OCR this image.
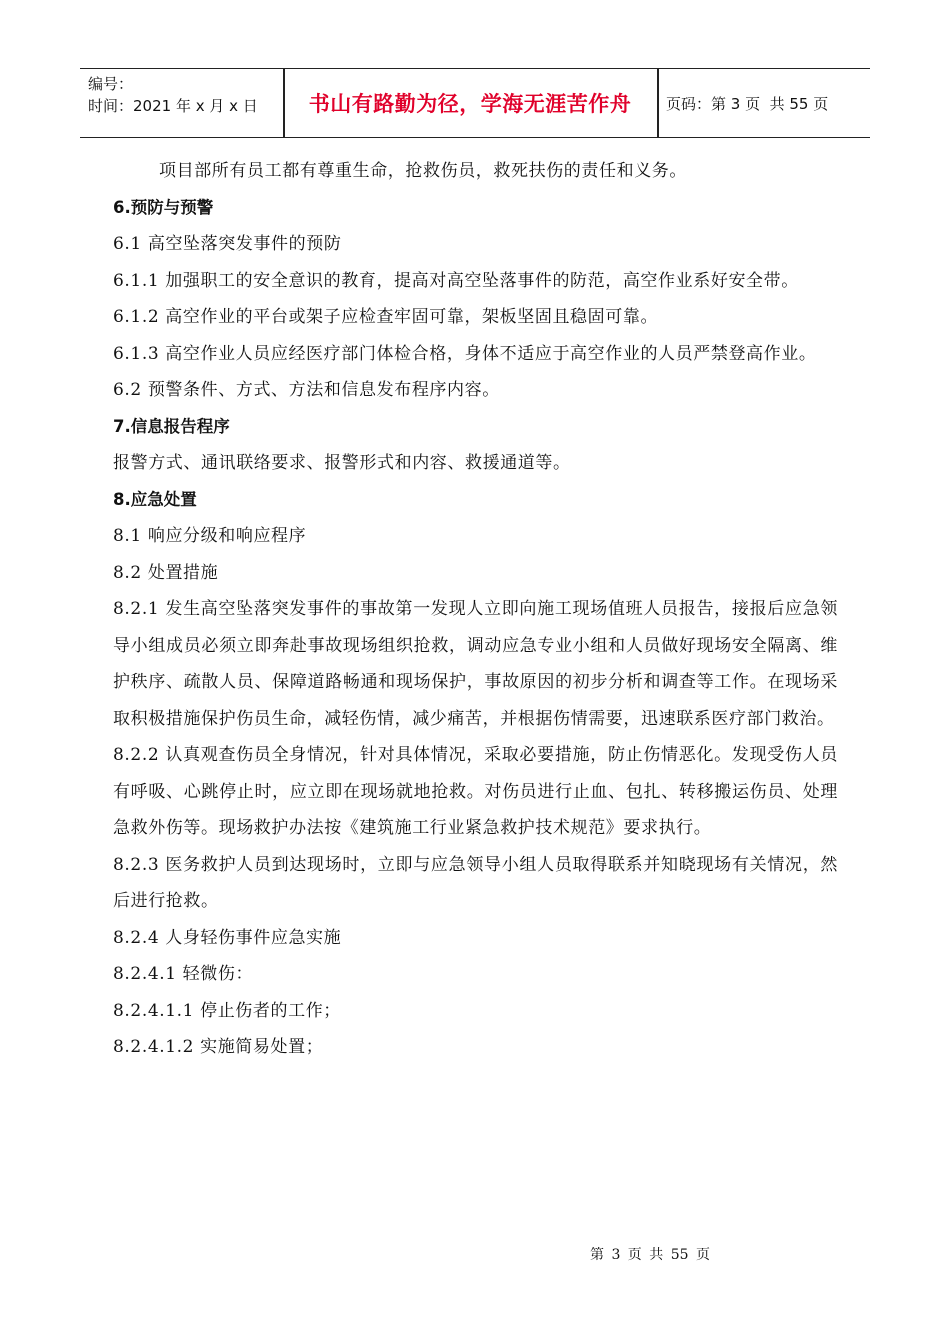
编号：
时间：2021 年 x 月 x 日	书山有路勤为径，学海无涯苦作舟	页码：第 3 页  共 55 页
项目部所有员工都有尊重生命，抢救伤员，救死扶伤的责任和义务。
6.预防与预警
6.1 高空坠落突发事件的预防
6.1.1 加强职工的安全意识的教育，提高对高空坠落事件的防范，高空作业系好安全带。
6.1.2 高空作业的平台或架子应检查牢固可靠，架板坚固且稳固可靠。
6.1.3 高空作业人员应经医疗部门体检合格，身体不适应于高空作业的人员严禁登高作业。
6.2 预警条件、方式、方法和信息发布程序内容。
7.信息报告程序
报警方式、通讯联络要求、报警形式和内容、救援通道等。
8.应急处置
8.1 响应分级和响应程序
8.2 处置措施
8.2.1 发生高空坠落突发事件的事故第一发现人立即向施工现场值班人员报告，接报后应急领导小组成员必须立即奔赴事故现场组织抢救，调动应急专业小组和人员做好现场安全隔离、维护秩序、疏散人员、保障道路畅通和现场保护，事故原因的初步分析和调查等工作。在现场采取积极措施保护伤员生命，减轻伤情，减少痛苦，并根据伤情需要，迅速联系医疗部门救治。
8.2.2 认真观查伤员全身情况，针对具体情况，采取必要措施，防止伤情恶化。发现受伤人员有呼吸、心跳停止时，应立即在现场就地抢救。对伤员进行止血、包扎、转移搬运伤员、处理急救外伤等。现场救护办法按《建筑施工行业紧急救护技术规范》要求执行。
8.2.3 医务救护人员到达现场时，立即与应急领导小组人员取得联系并知晓现场有关情况，然后进行抢救。
8.2.4 人身轻伤事件应急实施
8.2.4.1 轻微伤：
8.2.4.1.1 停止伤者的工作；
8.2.4.1.2 实施简易处置；
第 3 页 共 55 页
